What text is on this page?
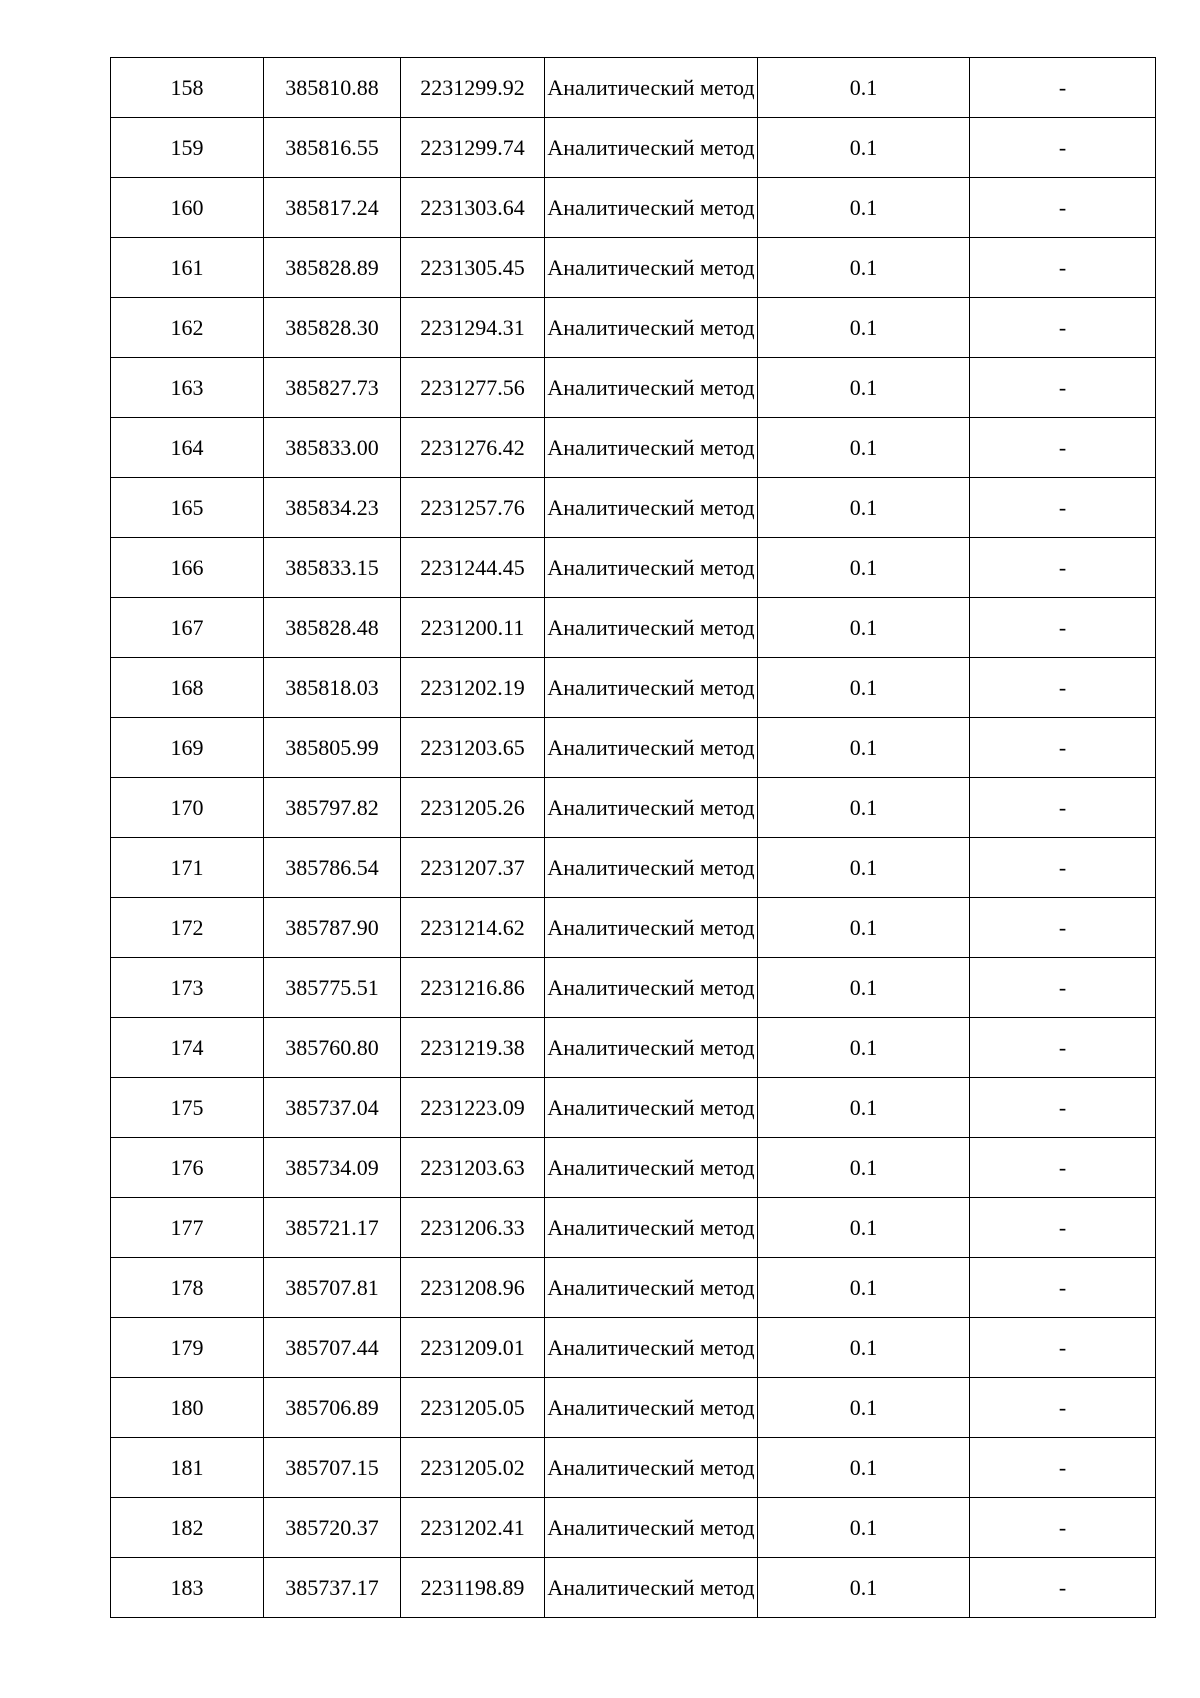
158	385810.88	2231299.92	Аналитический метод	0.1	-
159	385816.55	2231299.74	Аналитический метод	0.1	-
160	385817.24	2231303.64	Аналитический метод	0.1	-
161	385828.89	2231305.45	Аналитический метод	0.1	-
162	385828.30	2231294.31	Аналитический метод	0.1	-
163	385827.73	2231277.56	Аналитический метод	0.1	-
164	385833.00	2231276.42	Аналитический метод	0.1	-
165	385834.23	2231257.76	Аналитический метод	0.1	-
166	385833.15	2231244.45	Аналитический метод	0.1	-
167	385828.48	2231200.11	Аналитический метод	0.1	-
168	385818.03	2231202.19	Аналитический метод	0.1	-
169	385805.99	2231203.65	Аналитический метод	0.1	-
170	385797.82	2231205.26	Аналитический метод	0.1	-
171	385786.54	2231207.37	Аналитический метод	0.1	-
172	385787.90	2231214.62	Аналитический метод	0.1	-
173	385775.51	2231216.86	Аналитический метод	0.1	-
174	385760.80	2231219.38	Аналитический метод	0.1	-
175	385737.04	2231223.09	Аналитический метод	0.1	-
176	385734.09	2231203.63	Аналитический метод	0.1	-
177	385721.17	2231206.33	Аналитический метод	0.1	-
178	385707.81	2231208.96	Аналитический метод	0.1	-
179	385707.44	2231209.01	Аналитический метод	0.1	-
180	385706.89	2231205.05	Аналитический метод	0.1	-
181	385707.15	2231205.02	Аналитический метод	0.1	-
182	385720.37	2231202.41	Аналитический метод	0.1	-
183	385737.17	2231198.89	Аналитический метод	0.1	-
